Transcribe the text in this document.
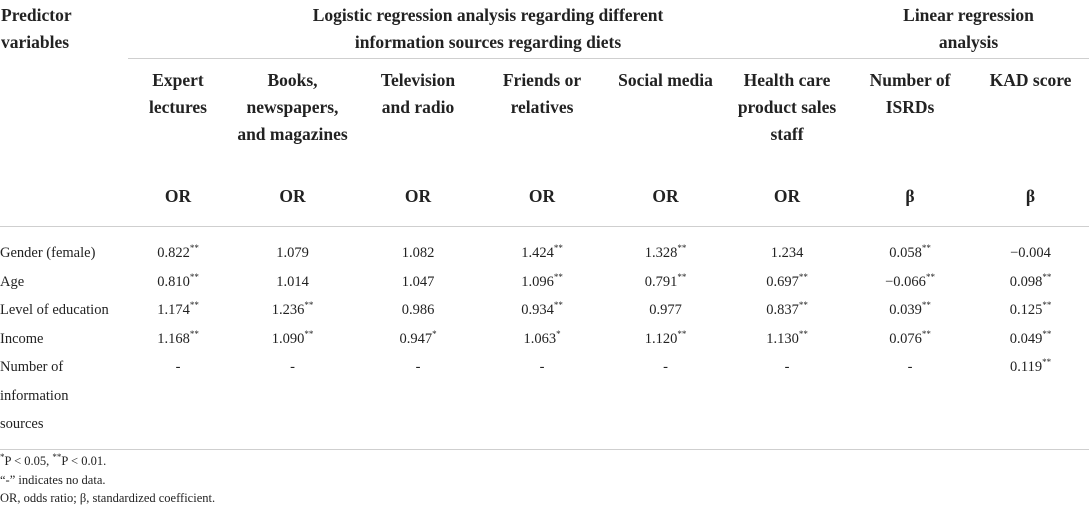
Predictor variables	Logistic regression analysis regarding different information sources regarding diets						Linear regression analysis	

	Expert lectures	Books, newspapers, and magazines	Television and radio	Friends or relatives	Social media	Health care product sales staff	Number of ISRDs	KAD score

	OR	OR	OR	OR	OR	OR	β	β

Gender (female)	0.822**	1.079	1.082	1.424**	1.328**	1.234	0.058**	−0.004

Age	0.810**	1.014	1.047	1.096**	0.791**	0.697**	−0.066**	0.098**

Level of education	1.174**	1.236**	0.986	0.934**	0.977	0.837**	0.039**	0.125**

Income	1.168**	1.090**	0.947*	1.063*	1.120**	1.130**	0.076**	0.049**

Number of information sources	-	-	-	-	-	-	-	0.119**
*P < 0.05, **P < 0.01.
“-” indicates no data.
OR, odds ratio; β, standardized coefficient.
